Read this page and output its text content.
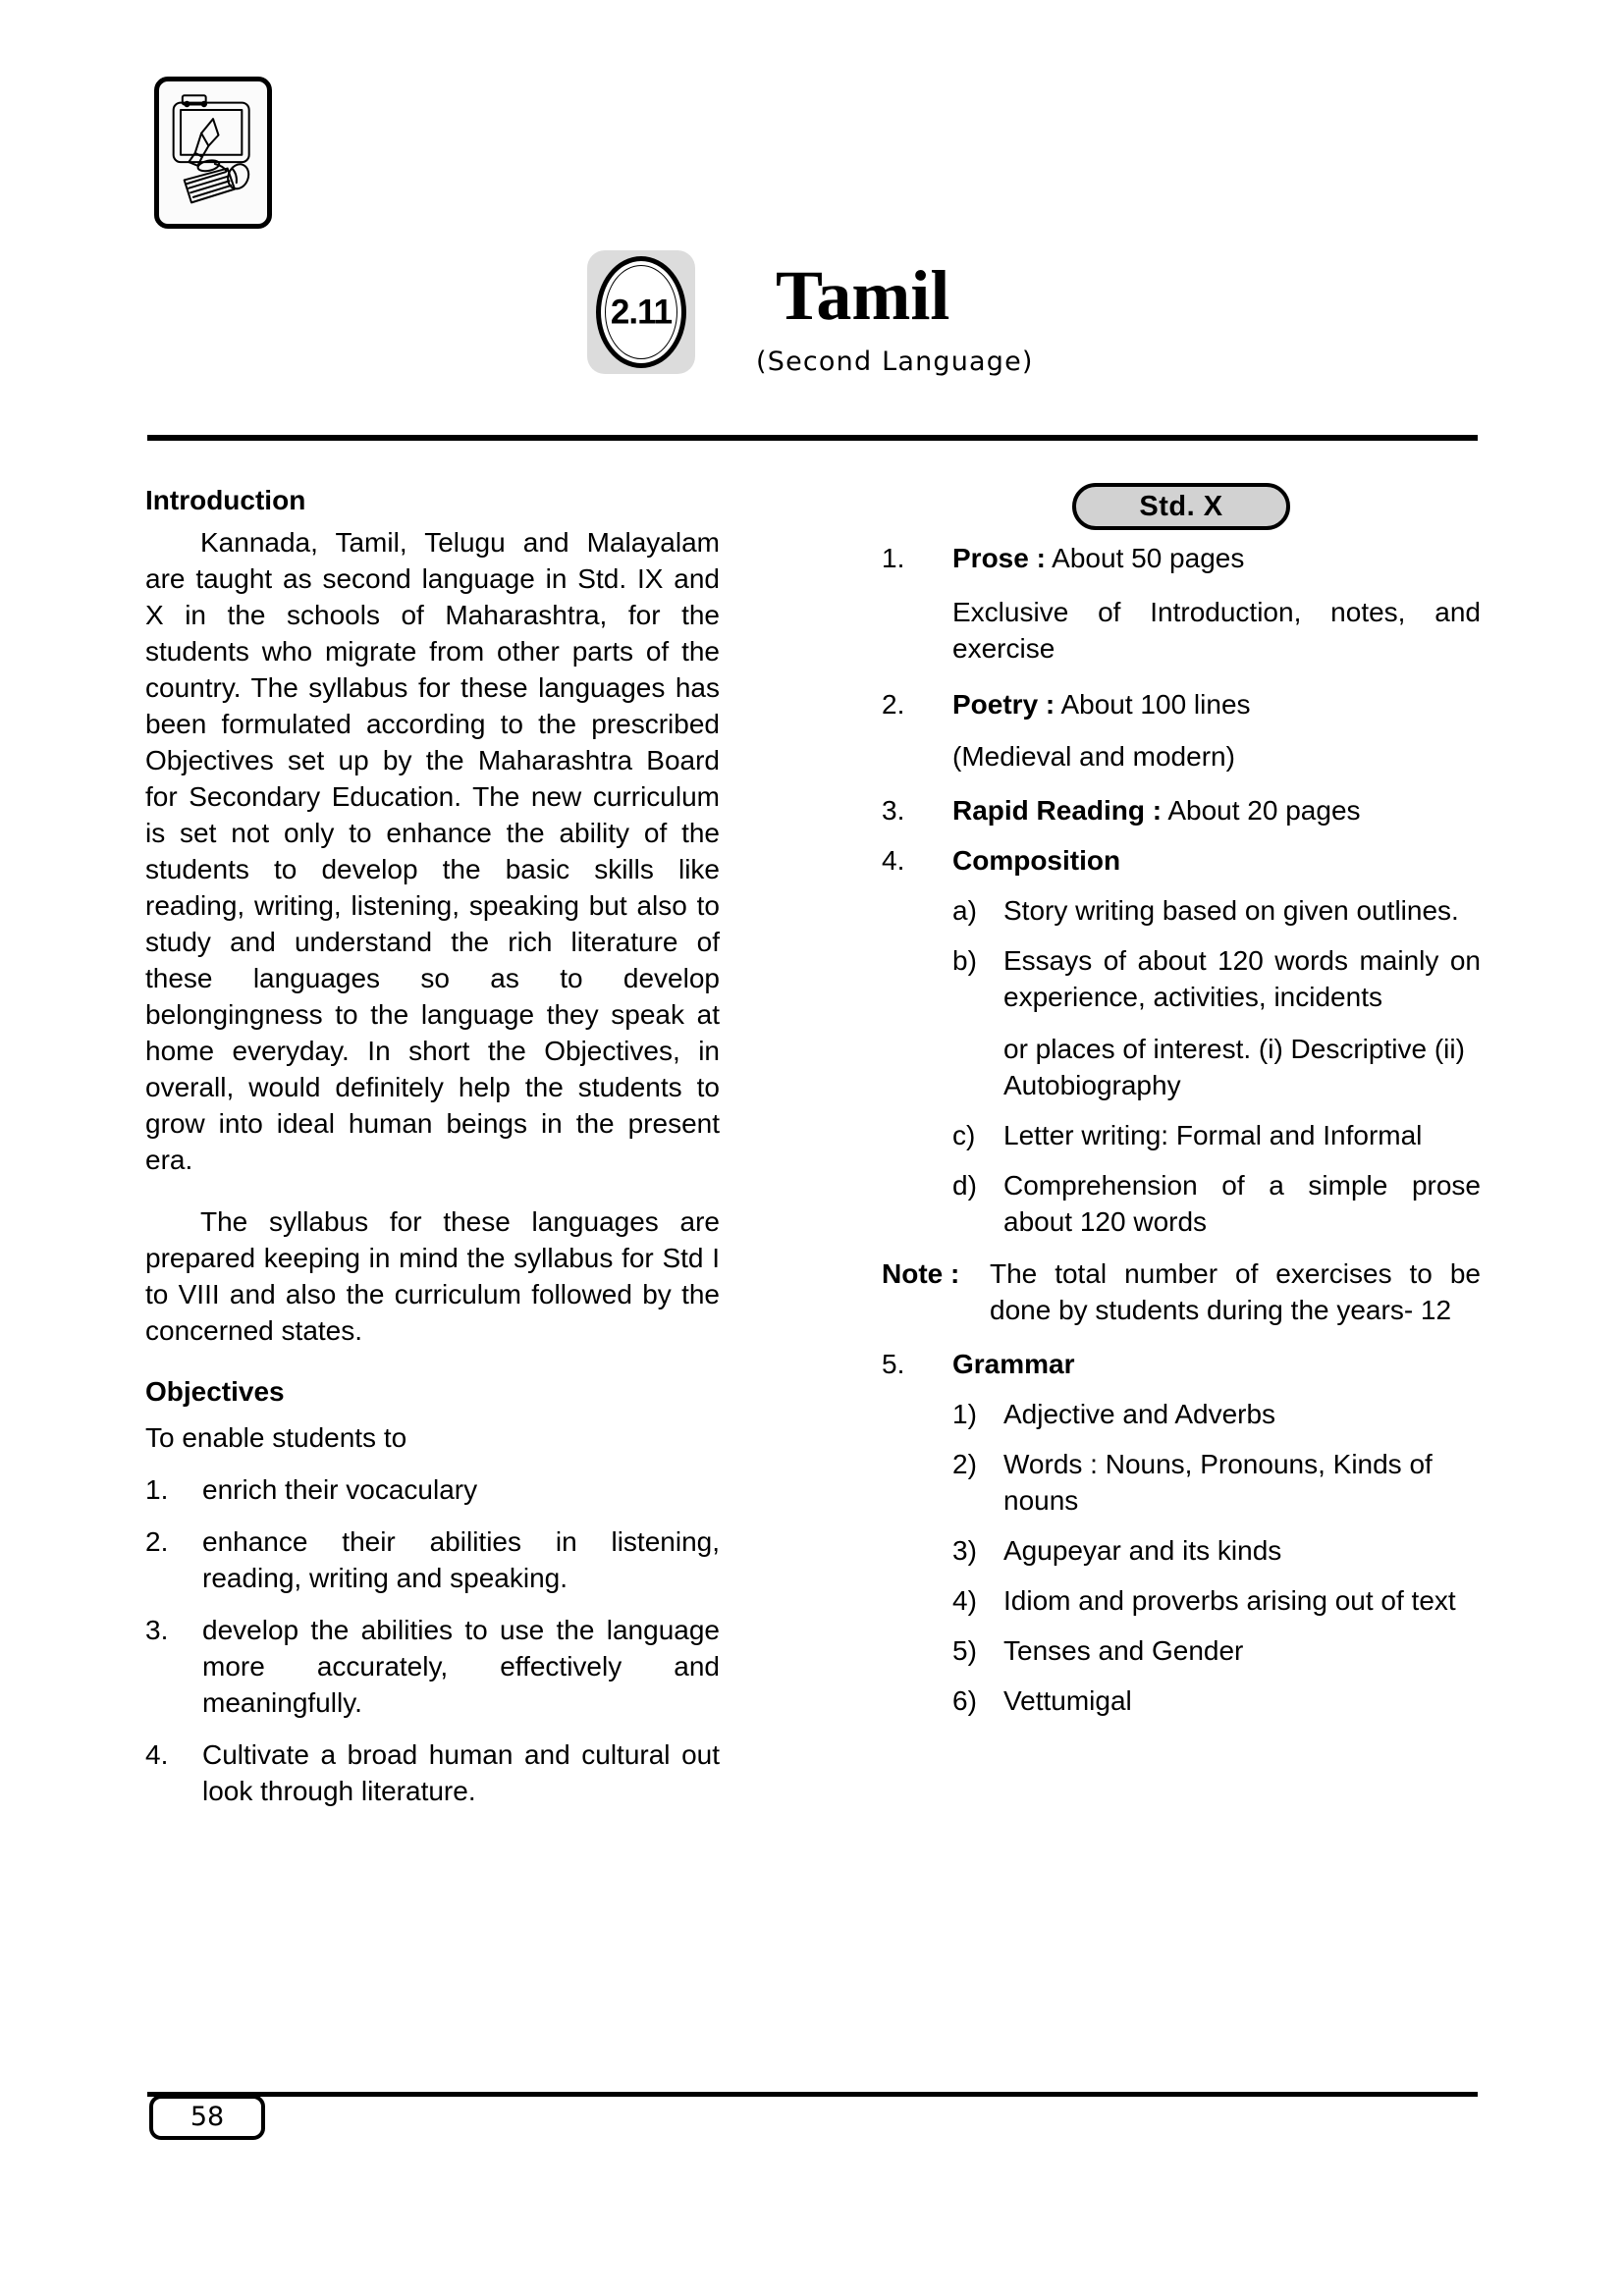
2.11 Tamil
(Second Language)
Introduction

Kannada, Tamil, Telugu and Malayalam are taught as second language in Std. IX and X in the schools of Maharashtra, for the students who migrate from other parts of the country. The syllabus for these languages has been formulated according to the prescribed Objectives set up by the Maharashtra Board for Secondary Education. The new curriculum is set not only to enhance the ability of the students to develop the basic skills like reading, writing, listening, speaking but also to study and understand the rich literature of these languages so as to develop belongingness to the language they speak at home everyday. In short the Objectives, in overall, would definitely help the students to grow into ideal human beings in the present era.

The syllabus for these languages are prepared keeping in mind the syllabus for Std I to VIII and also the curriculum followed by the concerned states.

Objectives
To enable students to
1.	enrich their vocaculary
2.	enhance their abilities in listening, reading, writing and speaking.
3.	develop the abilities to use the language more accurately, effectively and meaningfully.
4.	Cultivate a broad human and cultural out look through literature.
Std. X
1.	Prose : About 50 pages
Exclusive of Introduction, notes, and exercise
2.	Poetry : About 100 lines
(Medieval and modern)
3.	Rapid Reading : About 20 pages
4.	Composition
a) Story writing based on given outlines.
b) Essays of about 120 words mainly on experience, activities, incidents
or places of interest. (i) Descriptive (ii) Autobiography
c)	Letter writing: Formal and Informal
d) Comprehension of a simple prose about 120 words
Note :	The total number of exercises to be done by students during the years- 12
5.	Grammar
1) Adjective and Adverbs
2) Words : Nouns, Pronouns, Kinds of nouns
3) Agupeyar and its kinds
4) Idiom and proverbs arising out of text
5) Tenses and Gender
6) Vettumigal
58
